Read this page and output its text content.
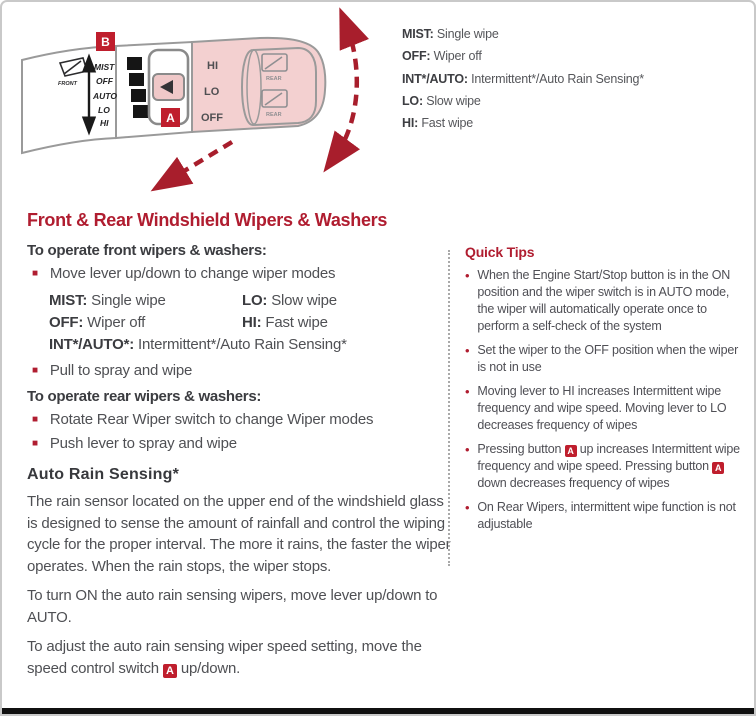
FRONT
MIST
OFF
AUTO
LO
HI
B
A
HI
LO
OFF
REAR
REAR
MIST: Single wipe
OFF: Wiper off
INT*/AUTO: Intermittent*/Auto Rain Sensing*
LO: Slow wipe
HI: Fast wipe
Front & Rear Windshield Wipers & Washers
To operate front wipers & washers:
■ Move lever up/down to change wiper modes
MIST: Single wipe	LO: Slow wipe
OFF: Wiper off	HI: Fast wipe
INT*/AUTO*: Intermittent*/Auto Rain Sensing*
■ Pull to spray and wipe
To operate rear wipers & washers:
■ Rotate Rear Wiper switch to change Wiper modes
■ Push lever to spray and wipe
Auto Rain Sensing*

The rain sensor located on the upper end of the windshield glass is designed to sense the amount of rainfall and control the wiping cycle for the proper interval. The more it rains, the faster the wiper operates. When the rain stops, the wiper stops.

To turn ON the auto rain sensing wipers, move lever up/down to AUTO.

To adjust the auto rain sensing wiper speed setting, move the speed control switch A up/down.

Quick Tips
• When the Engine Start/Stop button is in the ON position and the wiper switch is in AUTO mode, the wiper will automatically operate once to perform a self-check of the system
• Set the wiper to the OFF position when the wiper is not in use
• Moving lever to HI increases Intermittent wipe frequency and wipe speed. Moving lever to LO decreases frequency of wipes
• Pressing button A up increases Intermittent wipe frequency and wipe speed. Pressing button A down decreases frequency of wipes
• On Rear Wipers, intermittent wipe function is not adjustable
